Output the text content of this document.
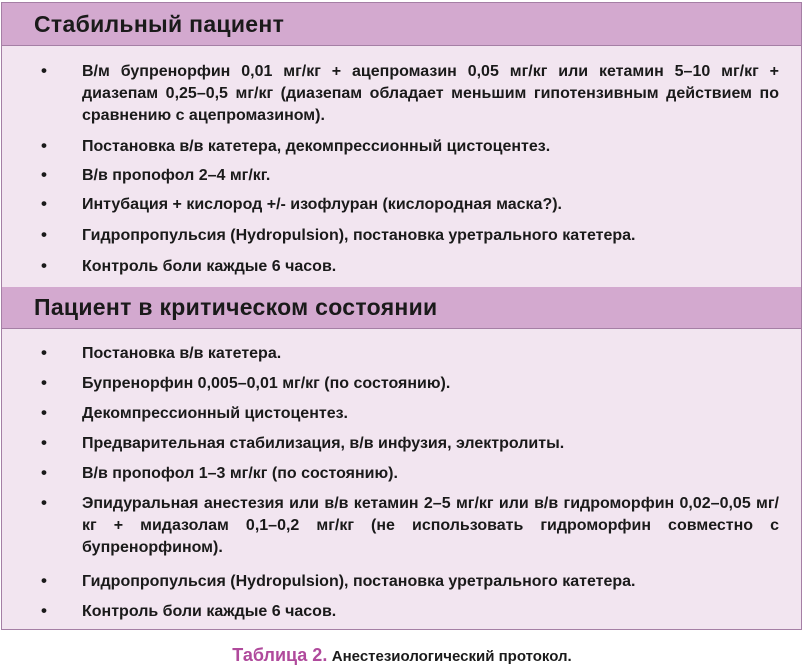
Стабильный пациент
• В/м бупренорфин 0,01 мг/кг + ацепромазин 0,05 мг/кг или кетамин 5–10 мг/кг + диазепам 0,25–0,5 мг/кг (диазепам обладает меньшим гипотензивным действием по сравнению с ацепромазином).
• Постановка в/в катетера, декомпрессионный цистоцентез.
• В/в пропофол 2–4 мг/кг.
• Интубация + кислород +/- изофлуран (кислородная маска?).
• Гидропропульсия (Hydropulsion), постановка уретрального катетера.
• Контроль боли каждые 6 часов.
Пациент в критическом состоянии
• Постановка в/в катетера.
• Бупренорфин 0,005–0,01 мг/кг (по состоянию).
• Декомпрессионный цистоцентез.
• Предварительная стабилизация, в/в инфузия, электролиты.
• В/в пропофол 1–3 мг/кг (по состоянию).
• Эпидуральная анестезия или в/в кетамин 2–5 мг/кг или в/в гидроморфин 0,02–0,05 мг/кг + мидазолам 0,1–0,2 мг/кг (не использовать гидроморфин совместно с бупренорфином).
• Гидропропульсия (Hydropulsion), постановка уретрального катетера.
• Контроль боли каждые 6 часов.
Таблица 2. Анестезиологический протокол.
